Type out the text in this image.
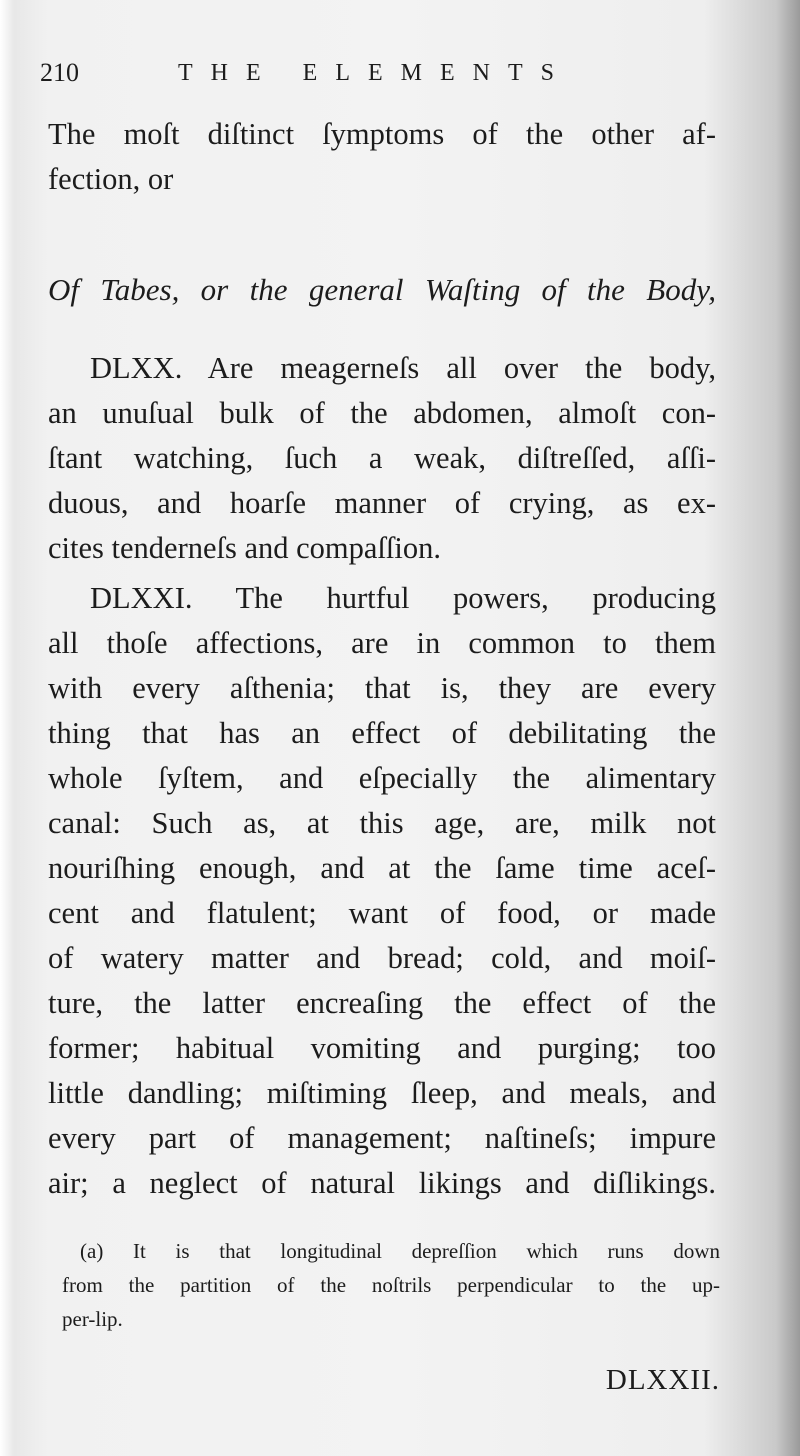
210	THE ELEMENTS
The moſt diſtinct ſymptoms of the other af-
fection, or
Of Tabes, or the general Waſting of the Body,
DLXX. Are meagerneſs all over the body,
an unuſual bulk of the abdomen, almoſt con-
ſtant watching, ſuch a weak, diſtreſſed, aſſi-
duous, and hoarſe manner of crying, as ex-
cites tenderneſs and compaſſion.
DLXXI. The hurtful powers, producing
all thoſe affections, are in common to them
with every aſthenia; that is, they are every
thing that has an effect of debilitating the
whole ſyſtem, and eſpecially the alimentary
canal: Such as, at this age, are, milk not
nouriſhing enough, and at the ſame time aceſ-
cent and flatulent; want of food, or made
of watery matter and bread; cold, and moiſ-
ture, the latter encreaſing the effect of the
former; habitual vomiting and purging; too
little dandling; miſtiming ſleep, and meals, and
every part of management; naſtineſs; impure
air; a neglect of natural likings and diſlikings.
(a) It is that longitudinal depreſſion which runs down
from the partition of the noſtrils perpendicular to the up-
per-lip.
DLXXII.
